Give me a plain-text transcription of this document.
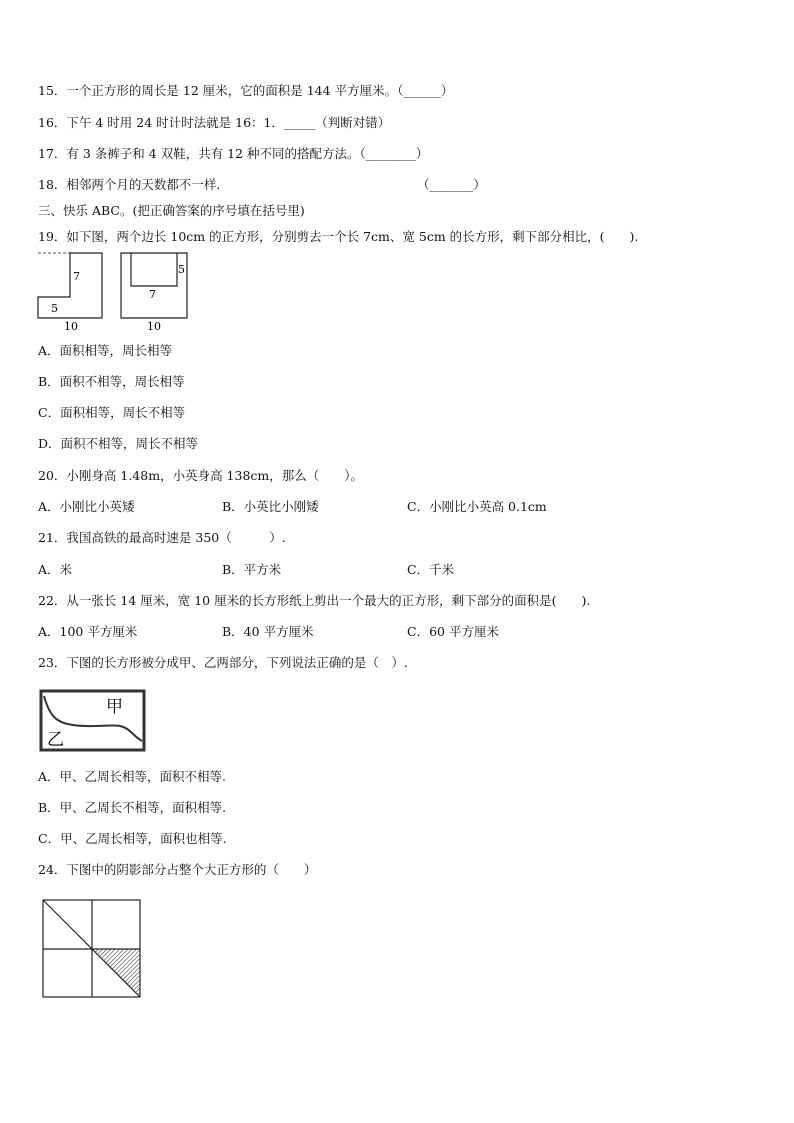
15．一个正方形的周长是 12 厘米，它的面积是 144 平方厘米。（______）
16．下午 4 时用 24 时计时法就是 16：1．_____（判断对错）
17．有 3 条裤子和 4 双鞋，共有 12 种不同的搭配方法。（________）
18．相邻两个月的天数都不一样．	（_______）
三、快乐 ABC。(把正确答案的序号填在括号里)
19．如下图，两个边长 10cm 的正方形，分别剪去一个长 7cm、宽 5cm 的长方形，剩下部分相比，(　　).
7
5
10
5
7
10
A．面积相等，周长相等
B．面积不相等，周长相等
C．面积相等，周长不相等
D．面积不相等，周长不相等
20．小刚身高 1.48m，小英身高 138cm，那么（　　）。
A．小刚比小英矮	B．小英比小刚矮	C．小刚比小英高 0.1cm
21．我国高铁的最高时速是 350（　　　）.
A．米	B．平方米	C．千米
22．从一张长 14 厘米，宽 10 厘米的长方形纸上剪出一个最大的正方形，剩下部分的面积是(　　).
A．100 平方厘米	B．40 平方厘米	C．60 平方厘米
23．下图的长方形被分成甲、乙两部分，下列说法正确的是（　）.
甲
乙
A．甲、乙周长相等，面积不相等.
B．甲、乙周长不相等，面积相等.
C．甲、乙周长相等，面积也相等.
24．下图中的阴影部分占整个大正方形的（　　）
